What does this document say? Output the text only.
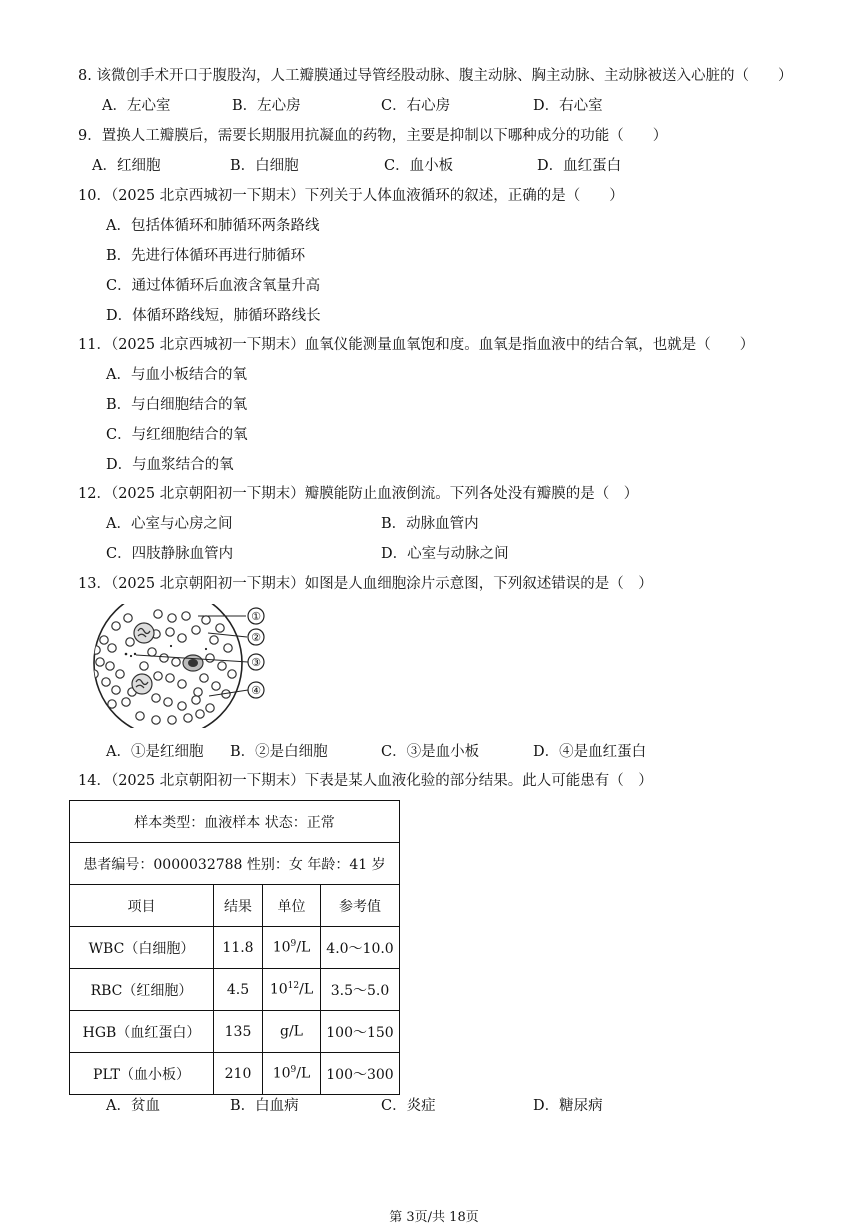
8. 该微创手术开口于腹股沟，人工瓣膜通过导管经股动脉、腹主动脉、胸主动脉、主动脉被送入心脏的（　　）
A．左心室	B．左心房	C．右心房	D．右心室
9．置换人工瓣膜后，需要长期服用抗凝血的药物，主要是抑制以下哪种成分的功能（　　）
A．红细胞	B．白细胞	C．血小板	D．血红蛋白
10．（2025 北京西城初一下期末）下列关于人体血液循环的叙述，正确的是（　　）
A．包括体循环和肺循环两条路线
B．先进行体循环再进行肺循环
C．通过体循环后血液含氧量升高
D．体循环路线短，肺循环路线长
11．（2025 北京西城初一下期末）血氧仪能测量血氧饱和度。血氧是指血液中的结合氧，也就是（　　）
A．与血小板结合的氧
B．与白细胞结合的氧
C．与红细胞结合的氧
D．与血浆结合的氧
12．（2025 北京朝阳初一下期末）瓣膜能防止血液倒流。下列各处没有瓣膜的是（　）
A．心室与心房之间	B．动脉血管内
C．四肢静脉血管内	D．心室与动脉之间
13．（2025 北京朝阳初一下期末）如图是人血细胞涂片示意图，下列叙述错误的是（　）
①
②
③
④
A．①是红细胞 B．②是白细胞	C．③是血小板	D．④是血红蛋白
14．（2025 北京朝阳初一下期末）下表是某人血液化验的部分结果。此人可能患有（　）
样本类型：血液样本 状态：正常			
患者编号：0000032788 性别：女 年龄：41 岁			
项目	结果	单位	参考值
WBC（白细胞）	11.8	$10^9/L$	4.0～10.0
RBC（红细胞）	4.5	$10^{12}/L$	3.5～5.0
HGB（血红蛋白）	135	g/L	100～150
PLT（血小板）	210	$10^9/L$	100～300
A．贫血	B．白血病	C．炎症	D．糖尿病
第 3页/共 18页
